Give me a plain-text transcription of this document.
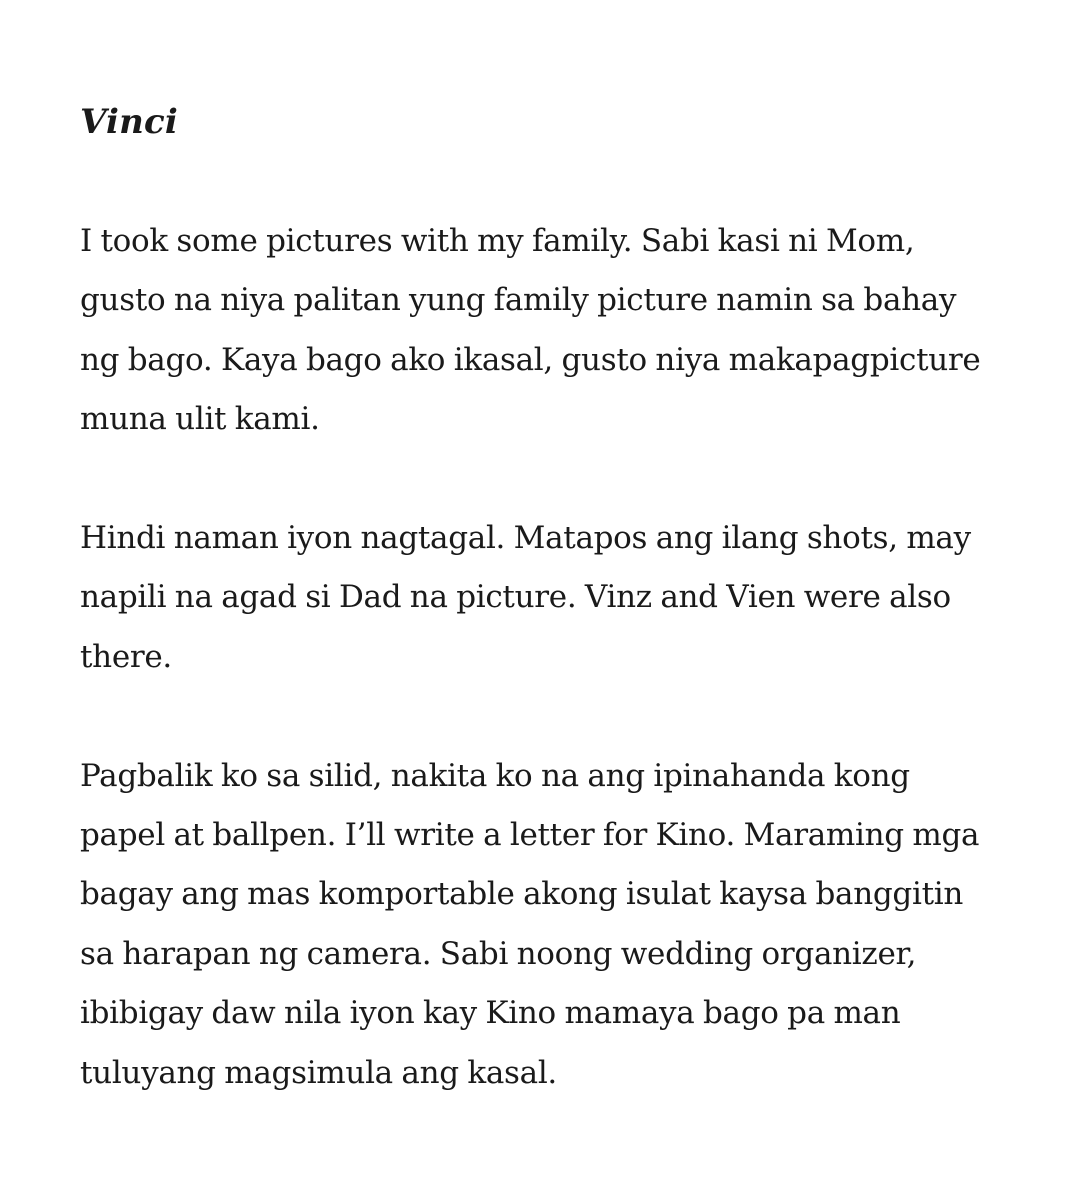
Vinci

I took some pictures with my family. Sabi kasi ni Mom, gusto na niya palitan yung family picture namin sa bahay ng bago. Kaya bago ako ikasal, gusto niya makapagpicture muna ulit kami.

Hindi naman iyon nagtagal. Matapos ang ilang shots, may napili na agad si Dad na picture. Vinz and Vien were also there.

Pagbalik ko sa silid, nakita ko na ang ipinahanda kong papel at ballpen. I’ll write a letter for Kino. Maraming mga bagay ang mas komportable akong isulat kaysa banggitin sa harapan ng camera. Sabi noong wedding organizer, ibibigay daw nila iyon kay Kino mamaya bago pa man tuluyang magsimula ang kasal.
